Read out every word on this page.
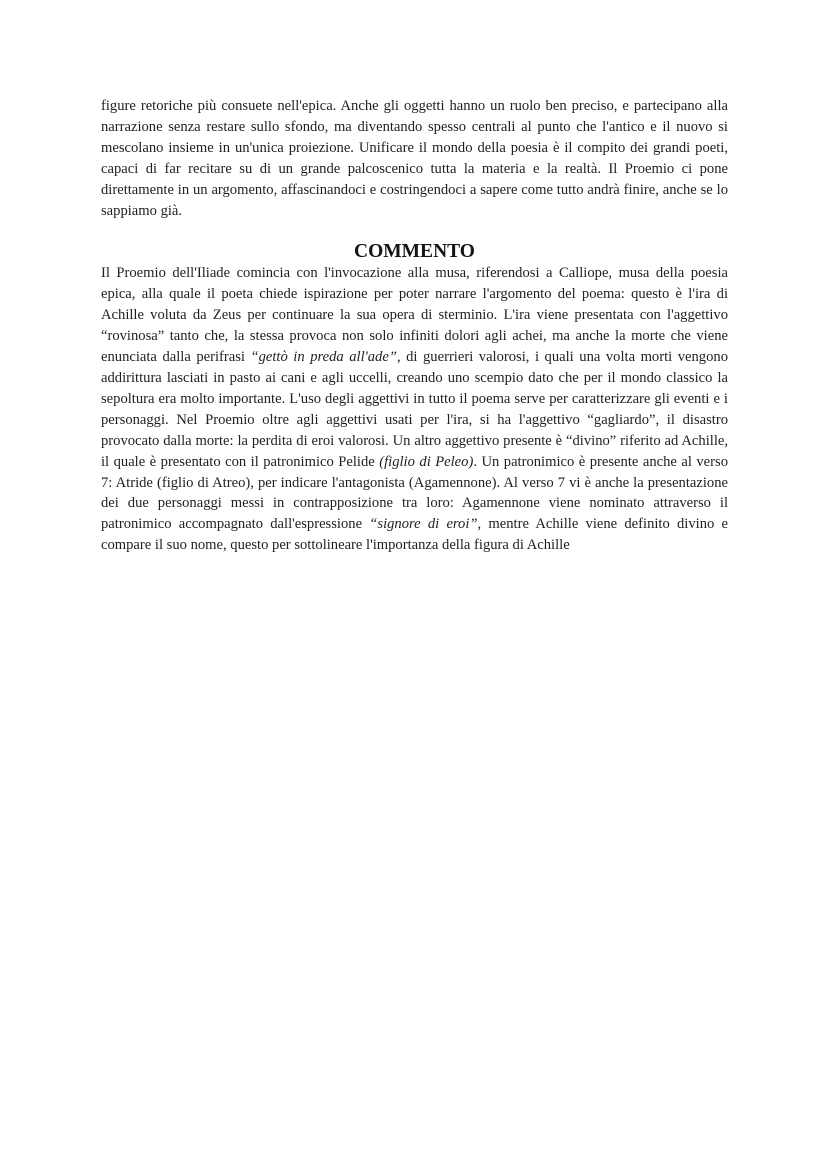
figure retoriche più consuete nell'epica. Anche gli oggetti hanno un ruolo ben preciso, e partecipano alla narrazione senza restare sullo sfondo, ma diventando spesso centrali al punto che l'antico e il nuovo si mescolano insieme in un'unica proiezione. Unificare il mondo della poesia è il compito dei grandi poeti, capaci di far recitare su di un grande palcoscenico tutta la materia e la realtà. Il Proemio ci pone direttamente in un argomento, affascinandoci e costringendoci a sapere come tutto andrà finire, anche se lo sappiamo già.

COMMENTO

Il Proemio dell'Iliade comincia con l'invocazione alla musa, riferendosi a Calliope, musa della poesia epica, alla quale il poeta chiede ispirazione per poter narrare l'argomento del poema: questo è l'ira di Achille voluta da Zeus per continuare la sua opera di sterminio. L'ira viene presentata con l'aggettivo “rovinosa” tanto che, la stessa provoca non solo infiniti dolori agli achei, ma anche la morte che viene enunciata dalla perifrasi “gettò in preda all'ade”, di guerrieri valorosi, i quali una volta morti vengono addirittura lasciati in pasto ai cani e agli uccelli, creando uno scempio dato che per il mondo classico la sepoltura era molto importante. L'uso degli aggettivi in tutto il poema serve per caratterizzare gli eventi e i personaggi. Nel Proemio oltre agli aggettivi usati per l'ira, si ha l'aggettivo “gagliardo”, il disastro provocato dalla morte: la perdita di eroi valorosi. Un altro aggettivo presente è “divino” riferito ad Achille, il quale è presentato con il patronimico Pelide (figlio di Peleo). Un patronimico è presente anche al verso 7: Atride (figlio di Atreo), per indicare l'antagonista (Agamennone). Al verso 7 vi è anche la presentazione dei due personaggi messi in contrapposizione tra loro: Agamennone viene nominato attraverso il patronimico accompagnato dall'espressione “signore di eroi”, mentre Achille viene definito divino e compare il suo nome, questo per sottolineare l'importanza della figura di Achille
